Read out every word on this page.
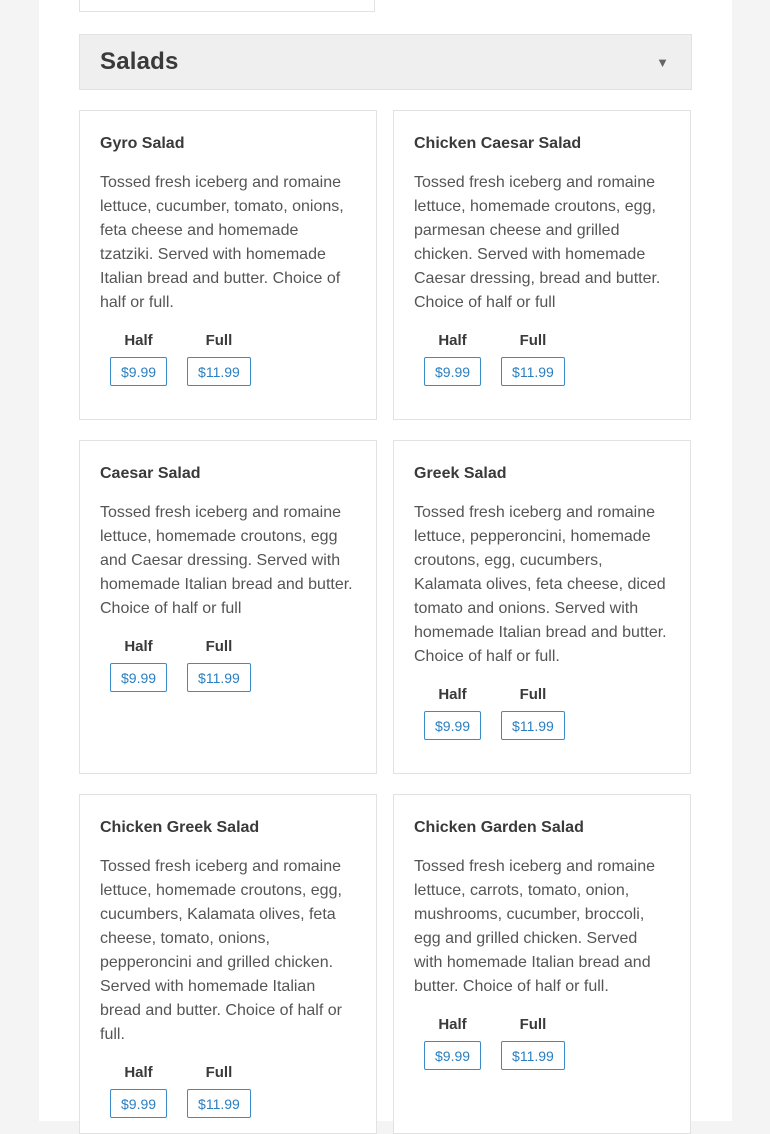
Salads	▼
Gyro Salad

Tossed fresh iceberg and romaine lettuce, cucumber, tomato, onions, feta cheese and homemade tzatziki. Served with homemade Italian bread and butter. Choice of half or full.

Half
$9.99
Full
$11.99
Chicken Caesar Salad

Tossed fresh iceberg and romaine lettuce, homemade croutons, egg, parmesan cheese and grilled chicken. Served with homemade Caesar dressing, bread and butter. Choice of half or full

Half
$9.99
Full
$11.99
Caesar Salad

Tossed fresh iceberg and romaine lettuce, homemade croutons, egg and Caesar dressing. Served with homemade Italian bread and butter. Choice of half or full

Half
$9.99
Full
$11.99
Greek Salad

Tossed fresh iceberg and romaine lettuce, pepperoncini, homemade croutons, egg, cucumbers, Kalamata olives, feta cheese, diced tomato and onions. Served with homemade Italian bread and butter. Choice of half or full.

Half
$9.99
Full
$11.99
Chicken Greek Salad

Tossed fresh iceberg and romaine lettuce, homemade croutons, egg, cucumbers, Kalamata olives, feta cheese, tomato, onions, pepperoncini and grilled chicken. Served with homemade Italian bread and butter. Choice of half or full.

Half
$9.99
Full
$11.99
Chicken Garden Salad

Tossed fresh iceberg and romaine lettuce, carrots, tomato, onion, mushrooms, cucumber, broccoli, egg and grilled chicken. Served with homemade Italian bread and butter. Choice of half or full.

Half
$9.99
Full
$11.99
